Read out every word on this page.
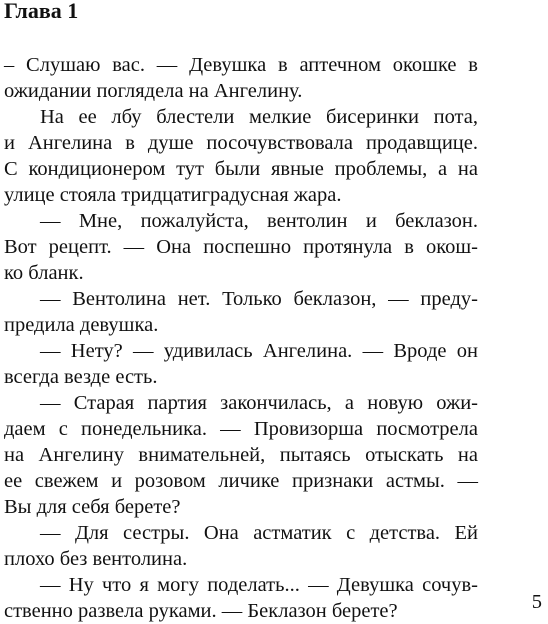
Глава 1
– Слушаю вас. — Девушка в аптечном окошке в
ожидании поглядела на Ангелину.
На ее лбу блестели мелкие бисеринки пота,
и Ангелина в душе посочувствовала продавщице.
С кондиционером тут были явные проблемы, а на
улице стояла тридцатиградусная жара.
— Мне, пожалуйста, вентолин и беклазон.
Вот рецепт. — Она поспешно протянула в окош-
ко бланк.
— Вентолина нет. Только беклазон, — преду-
предила девушка.
— Нету? — удивилась Ангелина. — Вроде он
всегда везде есть.
— Старая партия закончилась, а новую ожи-
даем с понедельника. — Провизорша посмотрела
на Ангелину внимательней, пытаясь отыскать на
ее свежем и розовом личике признаки астмы. —
Вы для себя берете?
— Для сестры. Она астматик с детства. Ей
плохо без вентолина.
— Ну что я могу поделать... — Девушка сочув-
ственно развела руками. — Беклазон берете?	5
